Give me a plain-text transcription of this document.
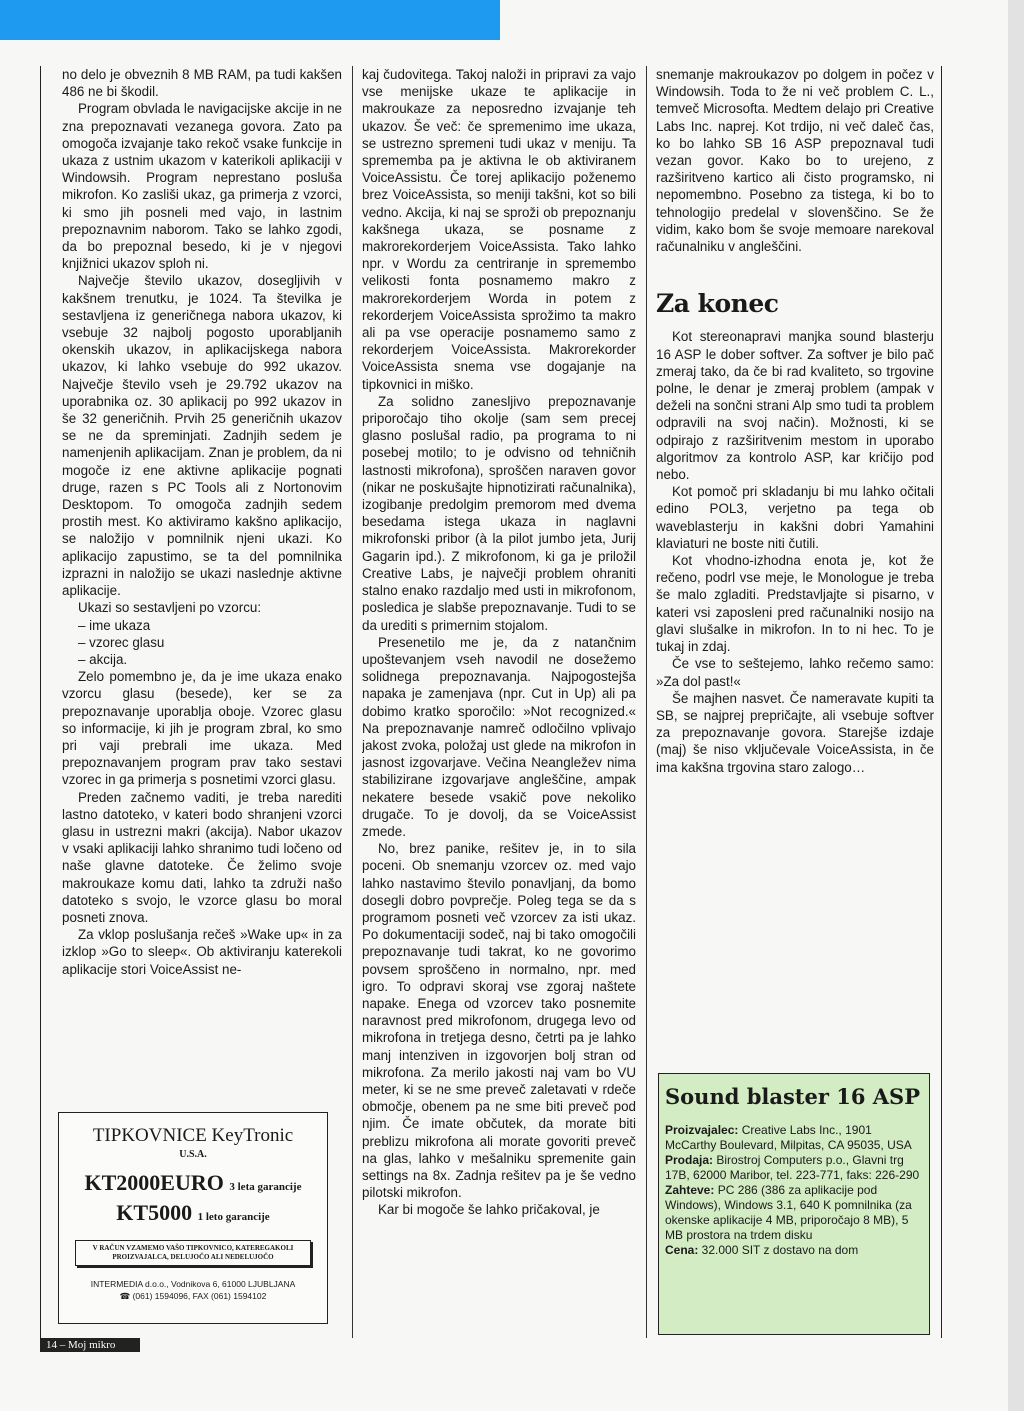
no delo je obveznih 8 MB RAM, pa tudi kakšen 486 ne bi škodil.

Program obvlada le navigacijske akcije in ne zna prepoznavati vezanega govora. Zato pa omogoča izvajanje tako rekoč vsake funkcije in ukaza z ustnim ukazom v katerikoli aplikaciji v Windowsih. Program neprestano posluša mikrofon. Ko zasliši ukaz, ga primerja z vzorci, ki smo jih posneli med vajo, in lastnim prepoznavnim naborom. Tako se lahko zgodi, da bo prepoznal besedo, ki je v njegovi knjižnici ukazov sploh ni.

Največje število ukazov, dosegljivih v kakšnem trenutku, je 1024. Ta številka je sestavljena iz generičnega nabora ukazov, ki vsebuje 32 najbolj pogosto uporabljanih okenskih ukazov, in aplikacijskega nabora ukazov, ki lahko vsebuje do 992 ukazov. Največje število vseh je 29.792 ukazov na uporabnika oz. 30 aplikacij po 992 ukazov in še 32 generičnih. Prvih 25 generičnih ukazov se ne da spreminjati. Zadnjih sedem je namenjenih aplikacijam. Znan je problem, da ni mogoče iz ene aktivne aplikacije pognati druge, razen s PC Tools ali z Nortonovim Desktopom. To omogoča zadnjih sedem prostih mest. Ko aktiviramo kakšno aplikacijo, se naložijo v pomnilnik njeni ukazi. Ko aplikacijo zapustimo, se ta del pomnilnika izprazni in naložijo se ukazi naslednje aktivne aplikacije.

Ukazi so sestavljeni po vzorcu:

– ime ukaza

– vzorec glasu

– akcija.

Zelo pomembno je, da je ime ukaza enako vzorcu glasu (besede), ker se za prepoznavanje uporablja oboje. Vzorec glasu so informacije, ki jih je program zbral, ko smo pri vaji prebrali ime ukaza. Med prepoznavanjem program prav tako sestavi vzorec in ga primerja s posnetimi vzorci glasu.

Preden začnemo vaditi, je treba narediti lastno datoteko, v kateri bodo shranjeni vzorci glasu in ustrezni makri (akcija). Nabor ukazov v vsaki aplikaciji lahko shranimo tudi ločeno od naše glavne datoteke. Če želimo svoje makroukaze komu dati, lahko ta združi našo datoteko s svojo, le vzorce glasu bo moral posneti znova.

Za vklop poslušanja rečeš »Wake up« in za izklop »Go to sleep«. Ob aktiviranju katerekoli aplikacije stori VoiceAssist ne-

kaj čudovitega. Takoj naloži in pripravi za vajo vse menijske ukaze te aplikacije in makroukaze za neposredno izvajanje teh ukazov. Še več: če spremenimo ime ukaza, se ustrezno spremeni tudi ukaz v meniju. Ta sprememba pa je aktivna le ob aktiviranem VoiceAssistu. Če torej aplikacijo poženemo brez VoiceAssista, so meniji takšni, kot so bili vedno. Akcija, ki naj se sproži ob prepoznanju kakšnega ukaza, se posname z makrorekorderjem VoiceAssista. Tako lahko npr. v Wordu za centriranje in spremembo velikosti fonta posnamemo makro z makrorekorderjem Worda in potem z rekorderjem VoiceAssista sprožimo ta makro ali pa vse operacije posnamemo samo z rekorderjem VoiceAssista. Makrorekorder VoiceAssista snema vse dogajanje na tipkovnici in miško.

Za solidno zanesljivo prepoznavanje priporočajo tiho okolje (sam sem precej glasno poslušal radio, pa programa to ni posebej motilo; to je odvisno od tehničnih lastnosti mikrofona), sproščen naraven govor (nikar ne poskušajte hipnotizirati računalnika), izogibanje predolgim premorom med dvema besedama istega ukaza in naglavni mikrofonski pribor (à la pilot jumbo jeta, Jurij Gagarin ipd.). Z mikrofonom, ki ga je priložil Creative Labs, je največji problem ohraniti stalno enako razdaljo med usti in mikrofonom, posledica je slabše prepoznavanje. Tudi to se da urediti s primernim stojalom.

Presenetilo me je, da z natančnim upoštevanjem vseh navodil ne dosežemo solidnega prepoznavanja. Najpogostejša napaka je zamenjava (npr. Cut in Up) ali pa dobimo kratko sporočilo: »Not recognized.« Na prepoznavanje namreč odločilno vplivajo jakost zvoka, položaj ust glede na mikrofon in jasnost izgovarjave. Večina Neangležev nima stabilizirane izgovarjave angleščine, ampak nekatere besede vsakič pove nekoliko drugače. To je dovolj, da se VoiceAssist zmede.

No, brez panike, rešitev je, in to sila poceni. Ob snemanju vzorcev oz. med vajo lahko nastavimo število ponavljanj, da bomo dosegli dobro povprečje. Poleg tega se da s programom posneti več vzorcev za isti ukaz. Po dokumentaciji sodeč, naj bi tako omogočili prepoznavanje tudi takrat, ko ne govorimo povsem sproščeno in normalno, npr. med igro. To odpravi skoraj vse zgoraj naštete napake. Enega od vzorcev tako posnemite naravnost pred mikrofonom, drugega levo od mikrofona in tretjega desno, četrti pa je lahko manj intenziven in izgovorjen bolj stran od mikrofona. Za merilo jakosti naj vam bo VU meter, ki se ne sme preveč zaletavati v rdeče območje, obenem pa ne sme biti preveč pod njim. Če imate občutek, da morate biti preblizu mikrofona ali morate govoriti preveč na glas, lahko v mešalniku spremenite gain settings na 8x. Zadnja rešitev pa je še vedno pilotski mikrofon.

Kar bi mogoče še lahko pričakoval, je

snemanje makroukazov po dolgem in počez v Windowsih. Toda to že ni več problem C. L., temveč Microsofta. Medtem delajo pri Creative Labs Inc. naprej. Kot trdijo, ni več daleč čas, ko bo lahko SB 16 ASP prepoznaval tudi vezan govor. Kako bo to urejeno, z razširitveno kartico ali čisto programsko, ni nepomembno. Posebno za tistega, ki bo to tehnologijo predelal v slovenščino. Se že vidim, kako bom še svoje memoare narekoval računalniku v angleščini.

Za konec

Kot stereonapravi manjka sound blasterju 16 ASP le dober softver. Za softver je bilo pač zmeraj tako, da če bi rad kvaliteto, so trgovine polne, le denar je zmeraj problem (ampak v deželi na sončni strani Alp smo tudi ta problem odpravili na svoj način). Možnosti, ki se odpirajo z razširitvenim mestom in uporabo algoritmov za kontrolo ASP, kar kričijo pod nebo.

Kot pomoč pri skladanju bi mu lahko očitali edino POL3, verjetno pa tega ob waveblasterju in kakšni dobri Yamahini klaviaturi ne boste niti čutili.

Kot vhodno-izhodna enota je, kot že rečeno, podrl vse meje, le Monologue je treba še malo zgladiti. Predstavljajte si pisarno, v kateri vsi zaposleni pred računalniki nosijo na glavi slušalke in mikrofon. In to ni hec. To je tukaj in zdaj.

Če vse to seštejemo, lahko rečemo samo: »Za dol past!«

Še majhen nasvet. Če nameravate kupiti ta SB, se najprej prepričajte, ali vsebuje softver za prepoznavanje govora. Starejše izdaje (maj) še niso vključevale VoiceAssista, in če ima kakšna trgovina staro zalogo…

TIPKOVNICE KeyTronic
U.S.A.
KT2000EURO 3 leta garancije
KT5000 1 leto garancije
V RAČUN VZAMEMO VAŠO TIPKOVNICO, KATEREGAKOLI PROIZVAJALCA, DELUJOČO ALI NEDELUJOČO
INTERMEDIA d.o.o., Vodnikova 6, 61000 LJUBLJANA
☎ (061) 1594096, FAX (061) 1594102
Sound blaster 16 ASP
Proizvajalec: Creative Labs Inc., 1901 McCarthy Boulevard, Milpitas, CA 95035, USA
Prodaja: Birostroj Computers p.o., Glavni trg 17B, 62000 Maribor, tel. 223-771, faks: 226-290
Zahteve: PC 286 (386 za aplikacije pod Windows), Windows 3.1, 640 K pomnilnika (za okenske aplikacije 4 MB, priporočajo 8 MB), 5 MB prostora na trdem disku
Cena: 32.000 SIT z dostavo na dom
14 – Moj mikro
